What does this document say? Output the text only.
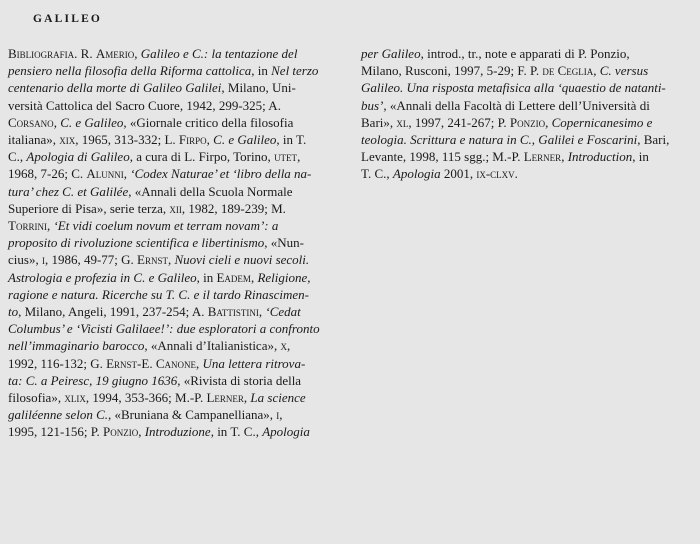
GALILEO
Bibliografia. R. Amerio, Galileo e C.: la tentazione del
pensiero nella filosofia della Riforma cattolica, in Nel terzo
centenario della morte di Galileo Galilei, Milano, Uni-
versità Cattolica del Sacro Cuore, 1942, 299-325; A.
Corsano, C. e Galileo, «Giornale critico della filosofia
italiana», xix, 1965, 313-332; L. Firpo, C. e Galileo, in T.
C., Apologia di Galileo, a cura di L. Firpo, Torino, utet,
1968, 7-26; C. Alunni, ‘Codex Naturae’ et ‘libro della na-
tura’ chez C. et Galilée, «Annali della Scuola Normale
Superiore di Pisa», serie terza, xii, 1982, 189-239; M.
Torrini, ‘Et vidi coelum novum et terram novam’: a
proposito di rivoluzione scientifica e libertinismo, «Nun-
cius», i, 1986, 49-77; G. Ernst, Nuovi cieli e nuovi secoli.
Astrologia e profezia in C. e Galileo, in Eadem, Religione,
ragione e natura. Ricerche su T. C. e il tardo Rinascimen-
to, Milano, Angeli, 1991, 237-254; A. Battistini, ‘Cedat
Columbus’ e ‘Vicisti Galilaee!’: due esploratori a confronto
nell’immaginario barocco, «Annali d’Italianistica», x,
1992, 116-132; G. Ernst-E. Canone, Una lettera ritrova-
ta: C. a Peiresc, 19 giugno 1636, «Rivista di storia della
filosofia», xlix, 1994, 353-366; M.-P. Lerner, La science
galiléenne selon C., «Bruniana & Campanelliana», i,
1995, 121-156; P. Ponzio, Introduzione, in T. C., Apologia
per Galileo, introd., tr., note e apparati di P. Ponzio,
Milano, Rusconi, 1997, 5-29; F. P. de Ceglia, C. versus
Galileo. Una risposta metafisica alla ‘quaestio de natanti-
bus’, «Annali della Facoltà di Lettere dell’Università di
Bari», xl, 1997, 241-267; P. Ponzio, Copernicanesimo e
teologia. Scrittura e natura in C., Galilei e Foscarini, Bari,
Levante, 1998, 115 sgg.; M.-P. Lerner, Introduction, in
T. C., Apologia 2001, ix-clxv.
